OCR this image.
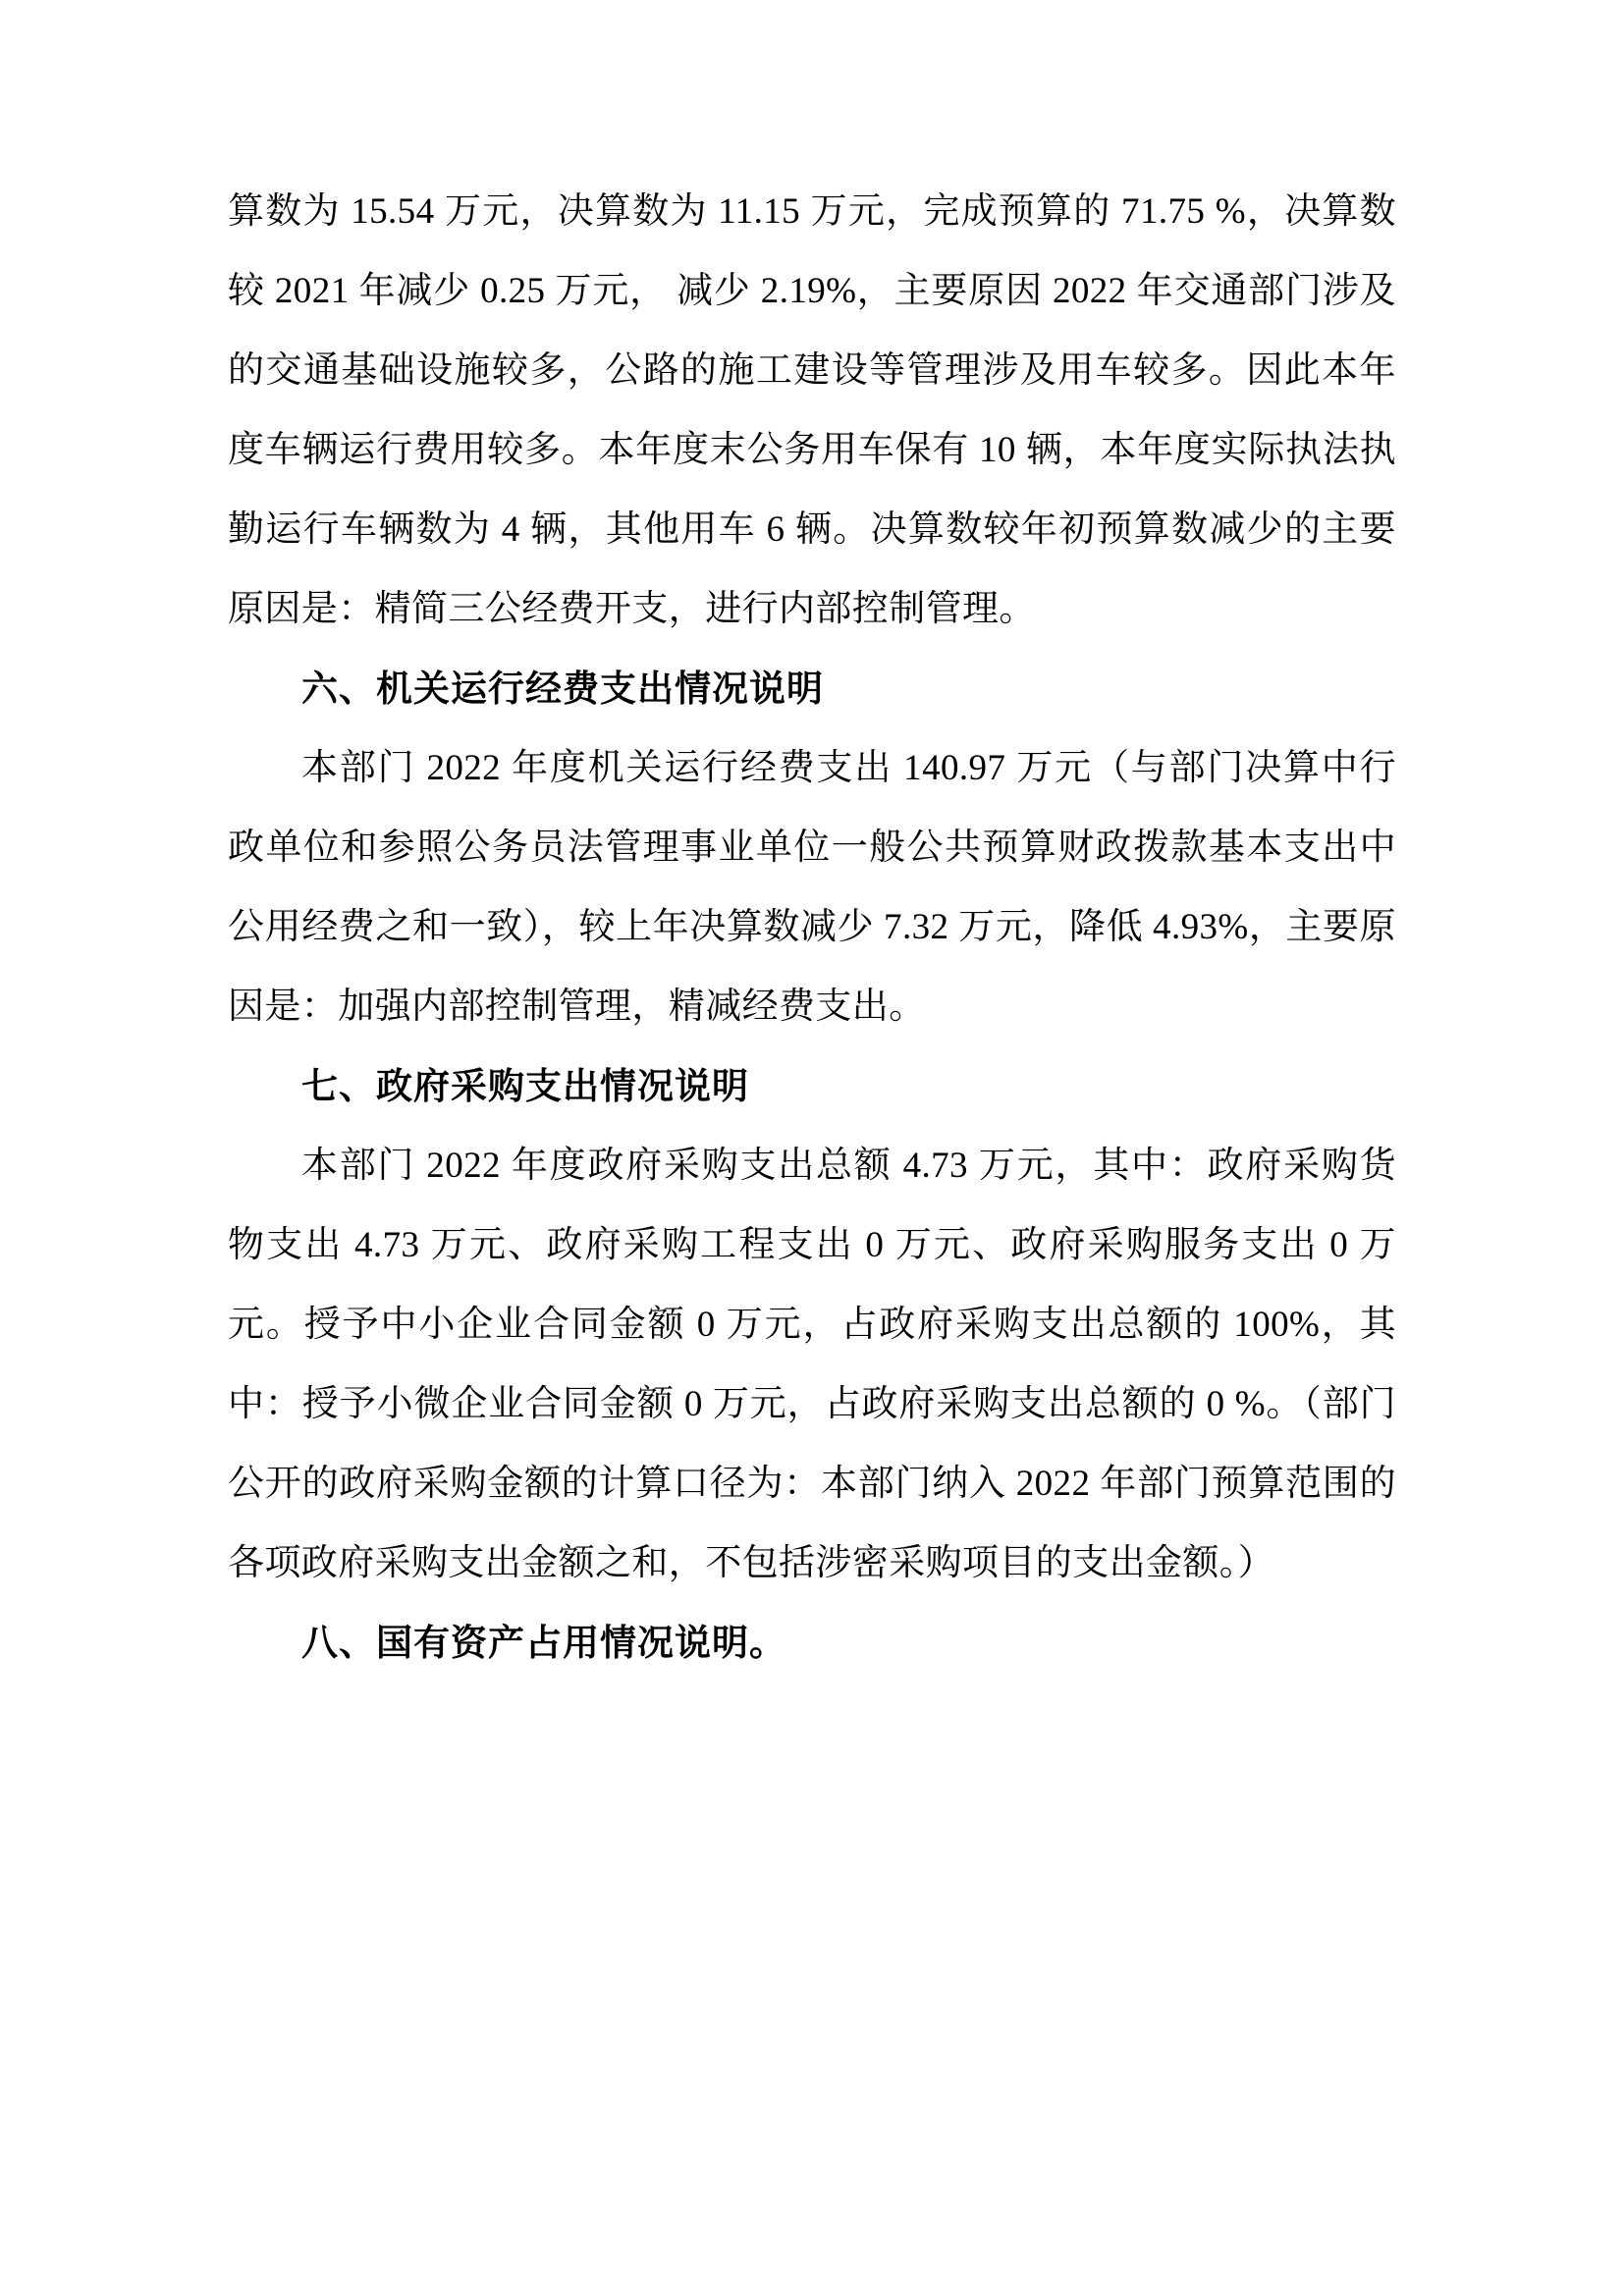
算数为 15.54 万元，决算数为 11.15 万元，完成预算的 71.75 %，决算数较 2021 年减少 0.25 万元， 减少 2.19%，主要原因 2022 年交通部门涉及的交通基础设施较多，公路的施工建设等管理涉及用车较多。因此本年度车辆运行费用较多。本年度末公务用车保有 10 辆，本年度实际执法执勤运行车辆数为 4 辆，其他用车 6 辆。决算数较年初预算数减少的主要原因是：精简三公经费开支，进行内部控制管理。

六、机关运行经费支出情况说明

本部门 2022 年度机关运行经费支出 140.97 万元（与部门决算中行政单位和参照公务员法管理事业单位一般公共预算财政拨款基本支出中公用经费之和一致），较上年决算数减少 7.32 万元，降低 4.93%，主要原因是：加强内部控制管理，精减经费支出。

七、政府采购支出情况说明

本部门 2022 年度政府采购支出总额 4.73 万元，其中：政府采购货物支出 4.73 万元、政府采购工程支出 0 万元、政府采购服务支出 0 万元。授予中小企业合同金额 0 万元，占政府采购支出总额的 100%，其中：授予小微企业合同金额 0 万元，占政府采购支出总额的 0 %。（部门公开的政府采购金额的计算口径为：本部门纳入 2022 年部门预算范围的各项政府采购支出金额之和，不包括涉密采购项目的支出金额。）

八、国有资产占用情况说明。
